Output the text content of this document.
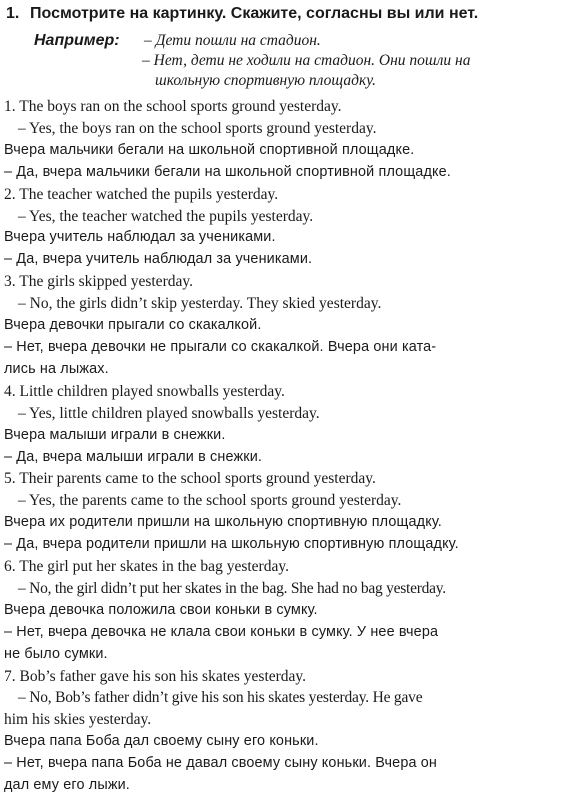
1. Посмотрите на картинку. Скажите, согласны вы или нет.
Например: – Дети пошли на стадион.
– Нет, дети не ходили на стадион. Они пошли на
школьную спортивную площадку.
1. The boys ran on the school sports ground yesterday.
– Yes, the boys ran on the school sports ground yesterday.
Вчера мальчики бегали на школьной спортивной площадке.
– Да, вчера мальчики бегали на школьной спортивной площадке.
2. The teacher watched the pupils yesterday.
– Yes, the teacher watched the pupils yesterday.
Вчера учитель наблюдал за учениками.
– Да, вчера учитель наблюдал за учениками.
3. The girls skipped yesterday.
– No, the girls didn’t skip yesterday. They skied yesterday.
Вчера девочки прыгали со скакалкой.
– Нет, вчера девочки не прыгали со скакалкой. Вчера они ката-
лись на лыжах.
4. Little children played snowballs yesterday.
– Yes, little children played snowballs yesterday.
Вчера малыши играли в снежки.
– Да, вчера малыши играли в снежки.
5. Their parents came to the school sports ground yesterday.
– Yes, the parents came to the school sports ground yesterday.
Вчера их родители пришли на школьную спортивную площадку.
– Да, вчера родители пришли на школьную спортивную площадку.
6. The girl put her skates in the bag yesterday.
– No, the girl didn’t put her skates in the bag. She had no bag yesterday.
Вчера девочка положила свои коньки в сумку.
– Нет, вчера девочка не клала свои коньки в сумку. У нее вчера
не было сумки.
7. Bob’s father gave his son his skates yesterday.
– No, Bob’s father didn’t give his son his skates yesterday. He gave
him his skies yesterday.
Вчера папа Боба дал своему сыну его коньки.
– Нет, вчера папа Боба не давал своему сыну коньки. Вчера он
дал ему его лыжи.
